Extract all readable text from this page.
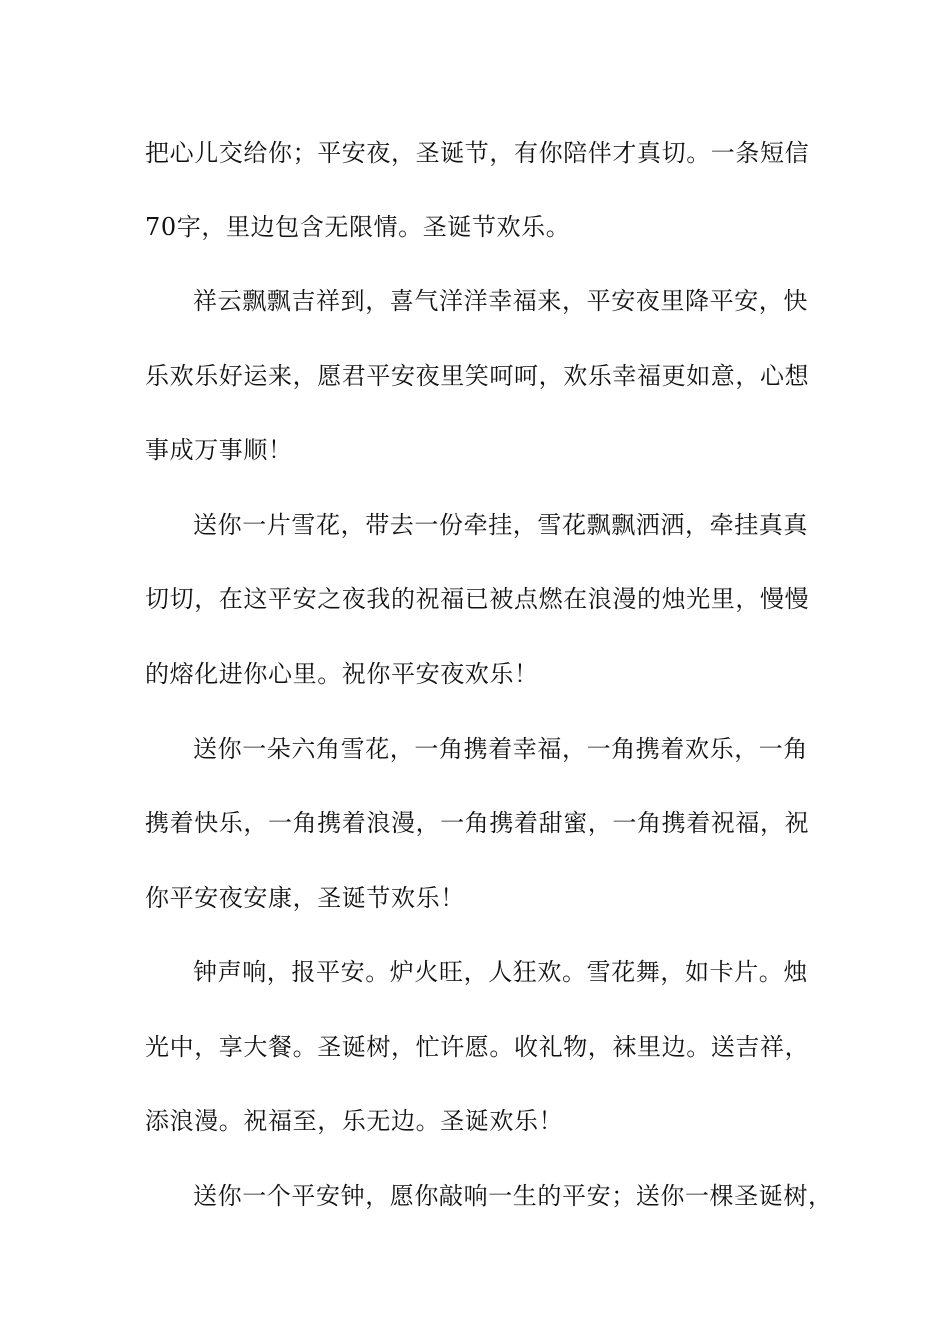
把心儿交给你；平安夜，圣诞节，有你陪伴才真切。一条短信
70字，里边包含无限情。圣诞节欢乐。
祥云飘飘吉祥到，喜气洋洋幸福来，平安夜里降平安，快
乐欢乐好运来，愿君平安夜里笑呵呵，欢乐幸福更如意，心想
事成万事顺！
送你一片雪花，带去一份牵挂，雪花飘飘洒洒，牵挂真真
切切，在这平安之夜我的祝福已被点燃在浪漫的烛光里，慢慢
的熔化进你心里。祝你平安夜欢乐！
送你一朵六角雪花，一角携着幸福，一角携着欢乐，一角
携着快乐，一角携着浪漫，一角携着甜蜜，一角携着祝福，祝
你平安夜安康，圣诞节欢乐！
钟声响，报平安。炉火旺，人狂欢。雪花舞，如卡片。烛
光中，享大餐。圣诞树，忙许愿。收礼物，袜里边。送吉祥，
添浪漫。祝福至，乐无边。圣诞欢乐！
送你一个平安钟，愿你敲响一生的平安；送你一棵圣诞树，
